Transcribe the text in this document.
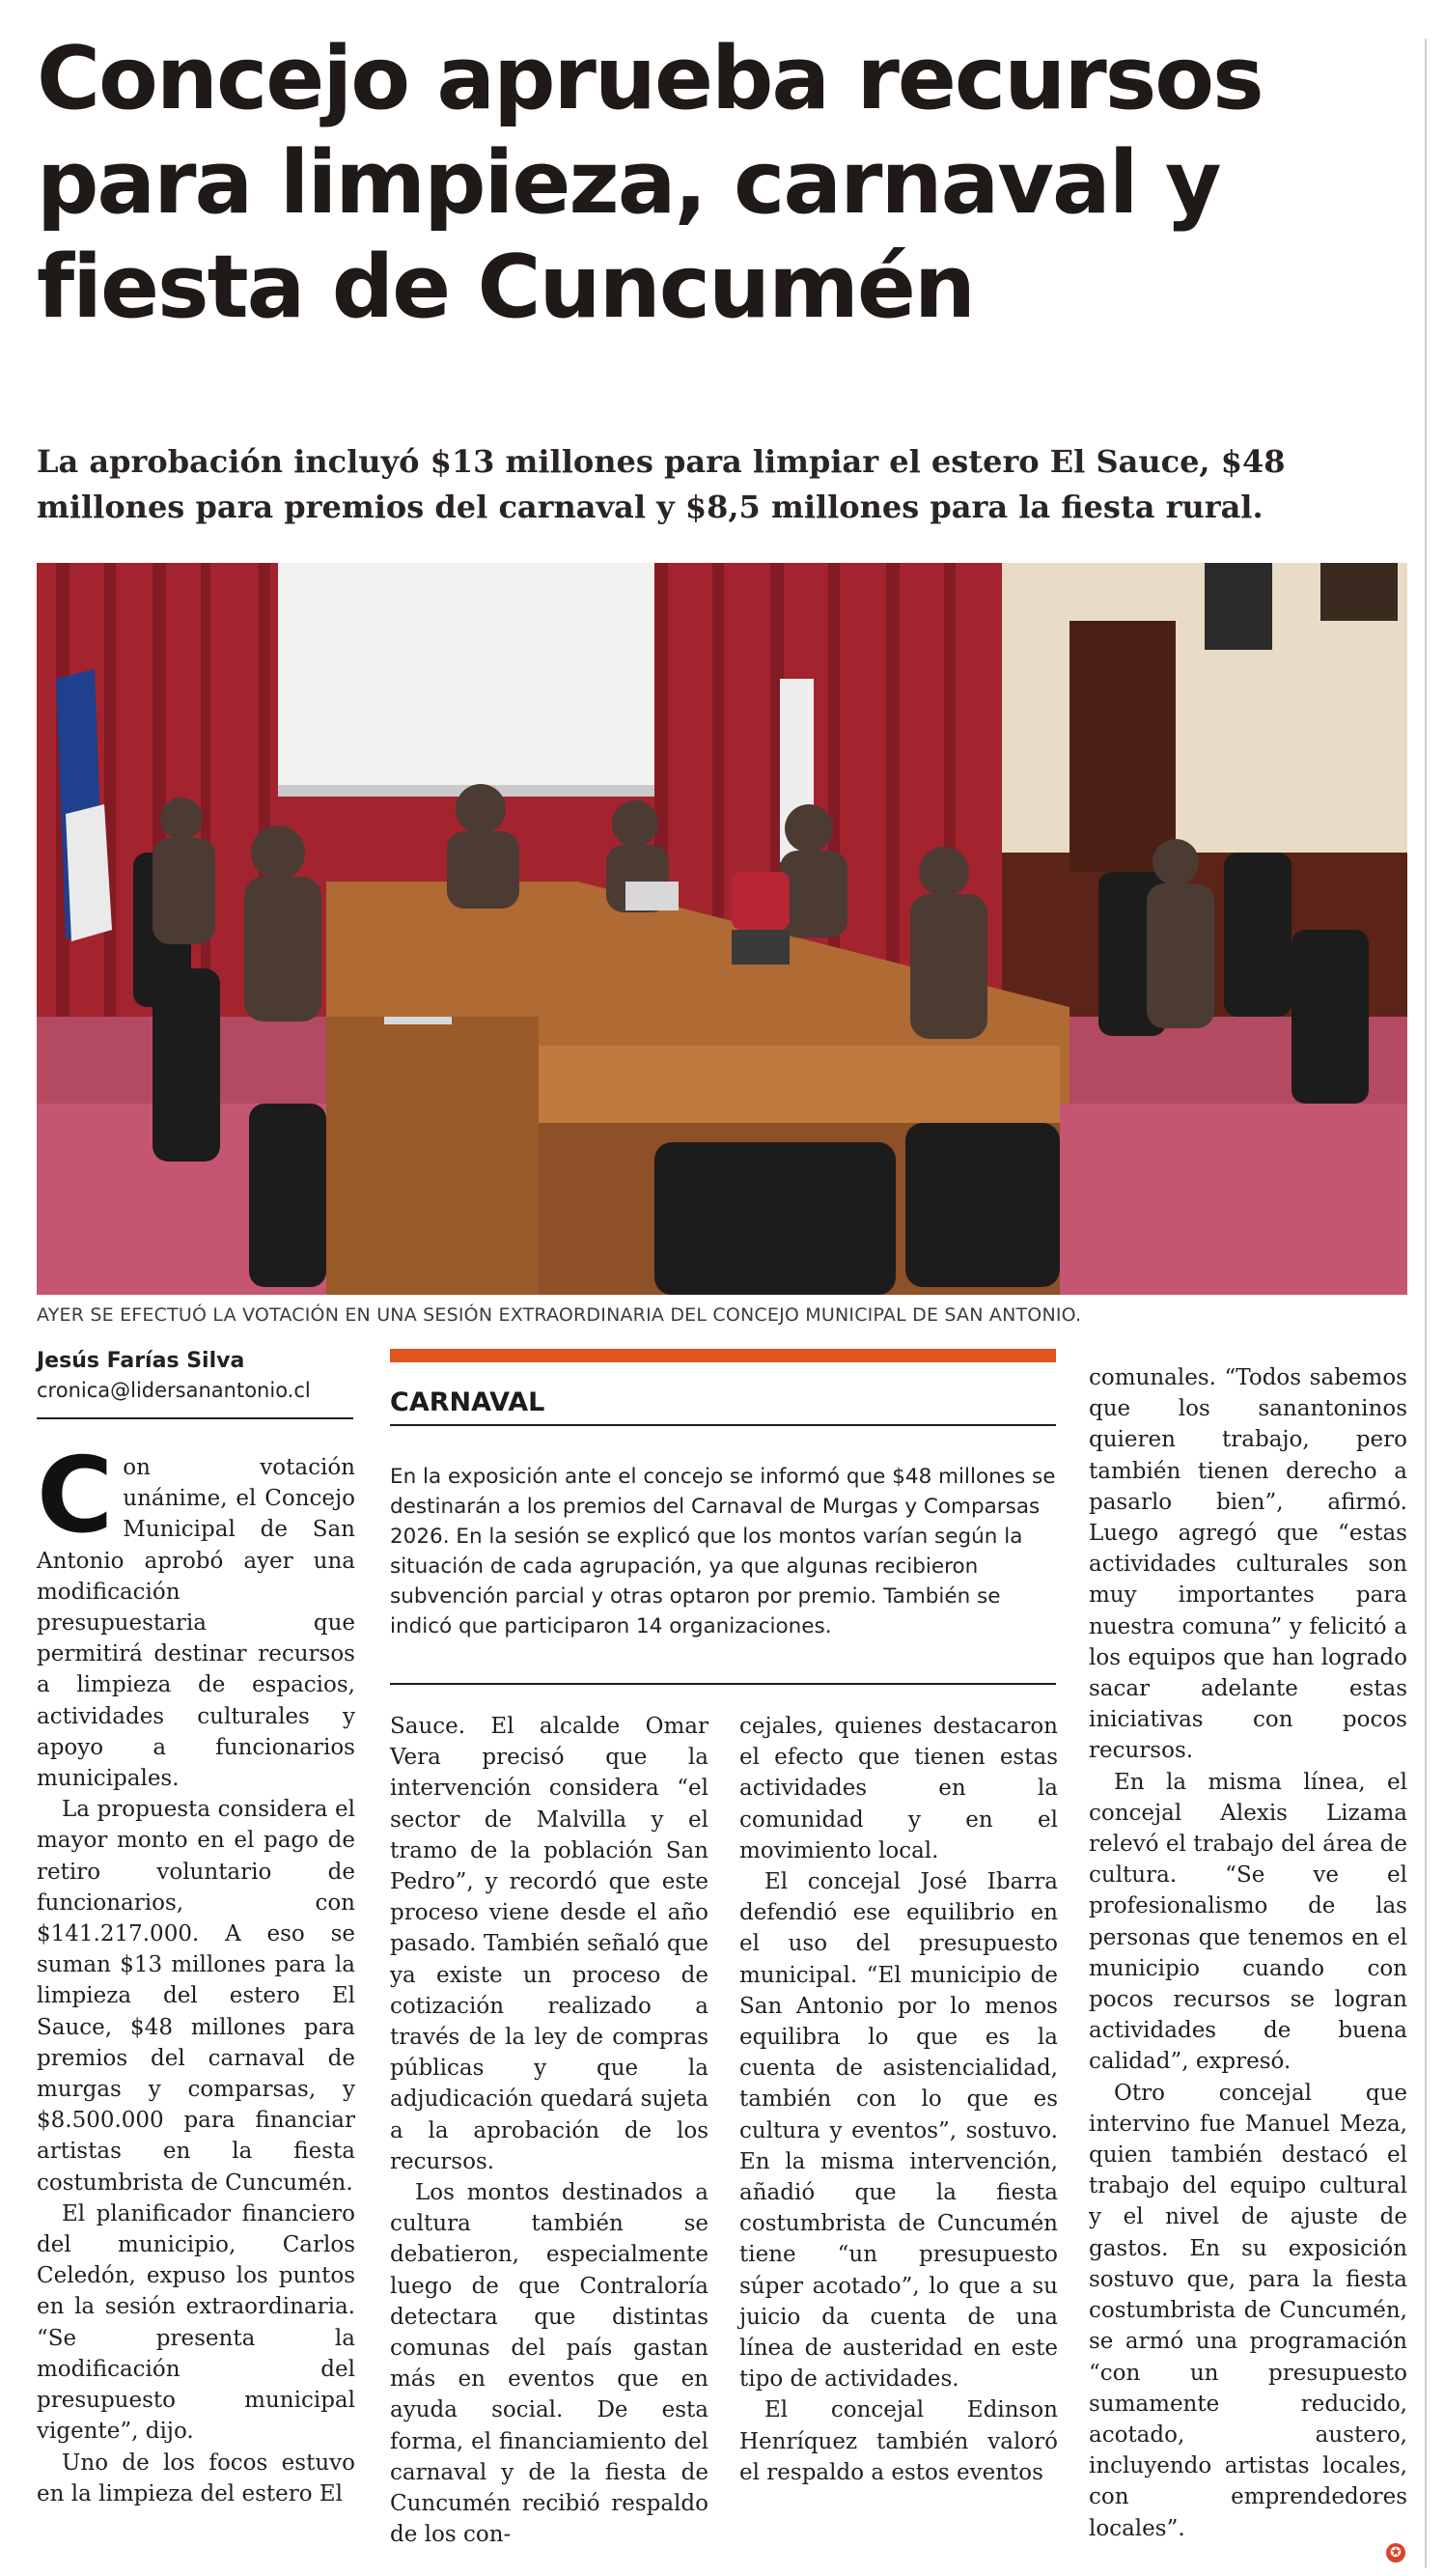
Concejo aprueba recursos para limpieza, carnaval y fiesta de Cuncumén
La aprobación incluyó $13 millones para limpiar el estero El Sauce, $48 millones para premios del carnaval y $8,5 millones para la fiesta rural.
AYER SE EFECTUÓ LA VOTACIÓN EN UNA SESIÓN EXTRAORDINARIA DEL CONCEJO MUNICIPAL DE SAN ANTONIO.
Jesús Farías Silva
cronica@lidersanantonio.cl	CARNAVAL
En la exposición ante el concejo se informó que $48 millones se destinarán a los premios del Carnaval de Murgas y Comparsas 2026. En la sesión se explicó que los montos varían según la situación de cada agrupación, ya que algunas recibieron subvención parcial y otras optaron por premio. También se indicó que participaron 14 organizaciones.

C on votación unánime, el Concejo Municipal de San Antonio aprobó ayer una modificación presupuestaria que permitirá destinar recursos a limpieza de espacios, actividades culturales y apoyo a funcionarios municipales.

La propuesta considera el mayor monto en el pago de retiro voluntario de funcionarios, con $141.217.000. A eso se suman $13 millones para la limpieza del estero El Sauce, $48 millones para premios del carnaval de murgas y comparsas, y $8.500.000 para financiar artistas en la fiesta costumbrista de Cuncumén.

El planificador financiero del municipio, Carlos Celedón, expuso los puntos en la sesión extraordinaria. “Se presenta la modificación del presupuesto municipal vigente”, dijo.

Uno de los focos estuvo en la limpieza del estero El

Sauce. El alcalde Omar Vera precisó que la intervención considera “el sector de Malvilla y el tramo de la población San Pedro”, y recordó que este proceso viene desde el año pasado. También señaló que ya existe un proceso de cotización realizado a través de la ley de compras públicas y que la adjudicación quedará sujeta a la aprobación de los recursos.

Los montos destinados a cultura también se debatieron, especialmente luego de que Contraloría detectara que distintas comunas del país gastan más en eventos que en ayuda social. De esta forma, el financiamiento del carnaval y de la fiesta de Cuncumén recibió respaldo de los con-

cejales, quienes destacaron el efecto que tienen estas actividades en la comunidad y en el movimiento local.

El concejal José Ibarra defendió ese equilibrio en el uso del presupuesto municipal. “El municipio de San Antonio por lo menos equilibra lo que es la cuenta de asistencialidad, también con lo que es cultura y eventos”, sostuvo. En la misma intervención, añadió que la fiesta costumbrista de Cuncumén tiene “un presupuesto súper acotado”, lo que a su juicio da cuenta de una línea de austeridad en este tipo de actividades.

El concejal Edinson Henríquez también valoró el respaldo a estos eventos

comunales. “Todos sabemos que los sanantoninos quieren trabajo, pero también tienen derecho a pasarlo bien”, afirmó. Luego agregó que “estas actividades culturales son muy importantes para nuestra comuna” y felicitó a los equipos que han logrado sacar adelante estas iniciativas con pocos recursos.

En la misma línea, el concejal Alexis Lizama relevó el trabajo del área de cultura. “Se ve el profesionalismo de las personas que tenemos en el municipio cuando con pocos recursos se logran actividades de buena calidad”, expresó.

Otro concejal que intervino fue Manuel Meza, quien también destacó el trabajo del equipo cultural y el nivel de ajuste de gastos. En su exposición sostuvo que, para la fiesta costumbrista de Cuncumén, se armó una programación “con un presupuesto sumamente reducido, acotado, austero, incluyendo artistas locales, con emprendedores locales”.

✪
